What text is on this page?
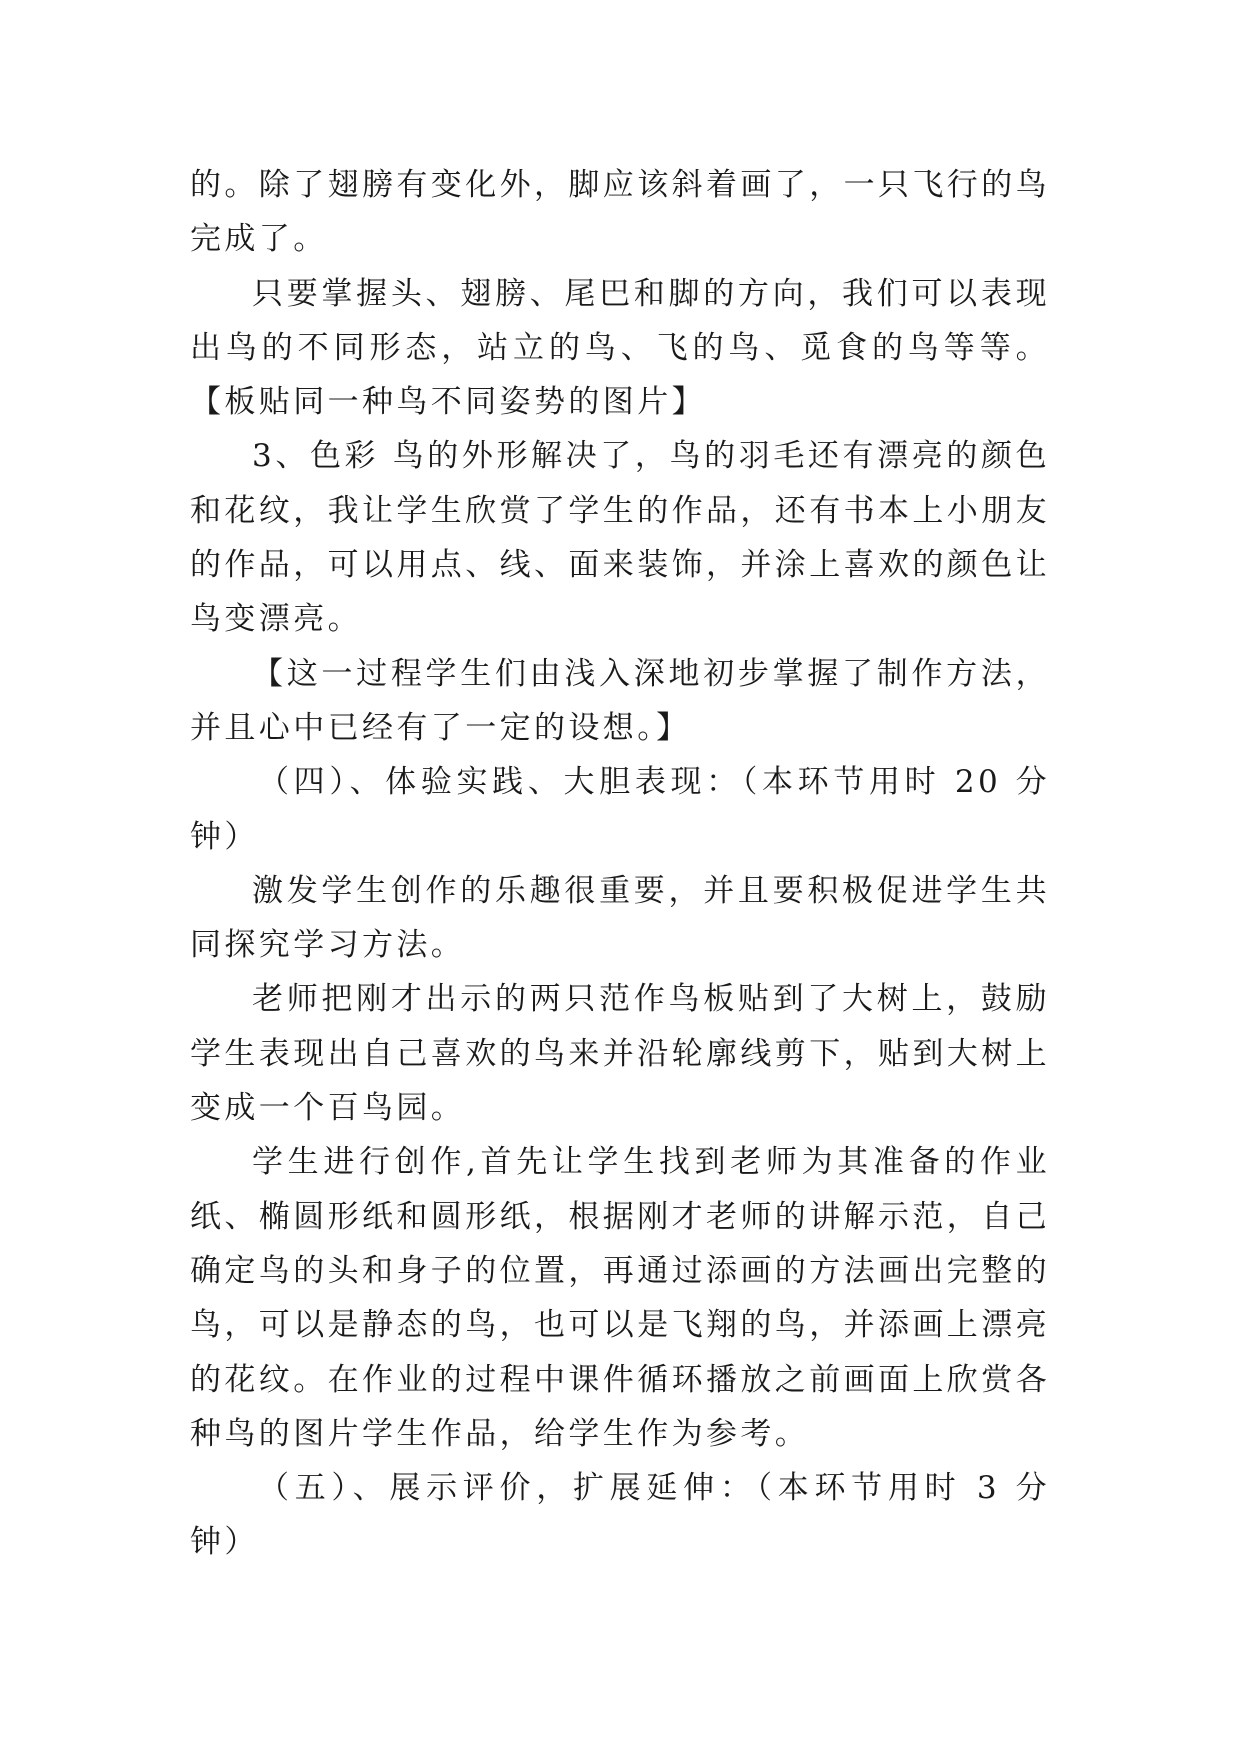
的。除了翅膀有变化外，脚应该斜着画了，一只飞行的鸟完成了。

只要掌握头、翅膀、尾巴和脚的方向，我们可以表现出鸟的不同形态，站立的鸟、飞的鸟、觅食的鸟等等。【板贴同一种鸟不同姿势的图片】

3、色彩 鸟的外形解决了，鸟的羽毛还有漂亮的颜色和花纹，我让学生欣赏了学生的作品，还有书本上小朋友的作品，可以用点、线、面来装饰，并涂上喜欢的颜色让鸟变漂亮。

【这一过程学生们由浅入深地初步掌握了制作方法，并且心中已经有了一定的设想。】

（四）、体验实践、大胆表现：（本环节用时 20 分钟）

激发学生创作的乐趣很重要，并且要积极促进学生共同探究学习方法。

老师把刚才出示的两只范作鸟板贴到了大树上，鼓励学生表现出自己喜欢的鸟来并沿轮廓线剪下，贴到大树上变成一个百鸟园。

学生进行创作,首先让学生找到老师为其准备的作业纸、椭圆形纸和圆形纸，根据刚才老师的讲解示范，自己确定鸟的头和身子的位置，再通过添画的方法画出完整的鸟，可以是静态的鸟，也可以是飞翔的鸟，并添画上漂亮的花纹。在作业的过程中课件循环播放之前画面上欣赏各种鸟的图片学生作品，给学生作为参考。

（五）、展示评价，扩展延伸：（本环节用时 3 分钟）
